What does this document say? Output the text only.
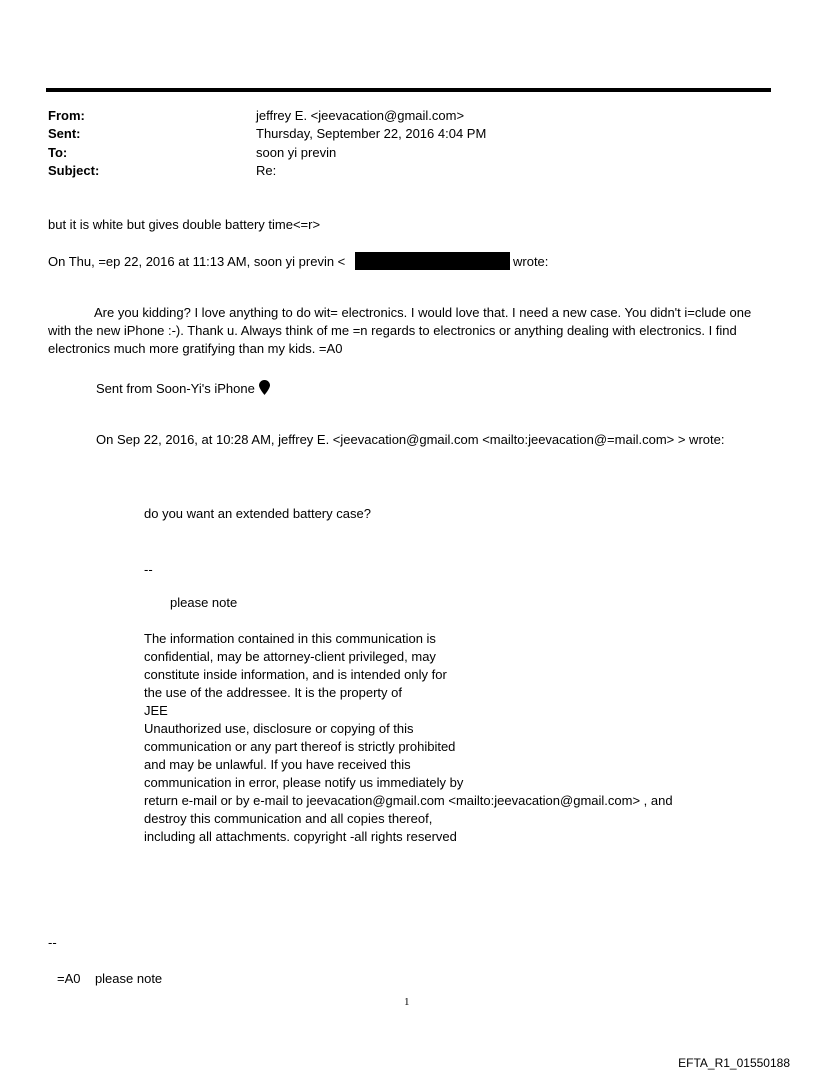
From:	jeffrey E. <jeevacation@gmail.com>
Sent:	Thursday, September 22, 2016 4:04 PM
To:	soon yi previn
Subject:	Re:
but it is white but gives double battery time<=r>
On Thu, =ep 22, 2016 at 11:13 AM, soon yi previn <	wrote:
Are you kidding? I love anything to do wit= electronics. I would love that. I need a new case. You didn't i=clude one with the new iPhone :-). Thank u. Always think of me =n regards to electronics or anything dealing with electronics. I find electronics much more gratifying than my kids. =A0
Sent from Soon-Yi's iPhone
On Sep 22, 2016, at 10:28 AM, jeffrey E. <jeevacation@gmail.com <mailto:jeevacation@=mail.com> > wrote:
do you want an extended battery case?
--
please note
The information contained in this communication is
confidential, may be attorney-client privileged, may
constitute inside information, and is intended only for
the use of the addressee. It is the property of
JEE
Unauthorized use, disclosure or copying of this
communication or any part thereof is strictly prohibited
and may be unlawful. If you have received this
communication in error, please notify us immediately by
return e-mail or by e-mail to jeevacation@gmail.com <mailto:jeevacation@gmail.com> , and
destroy this communication and all copies thereof,
including all attachments. copyright -all rights reserved
--
=A0    please note
1
EFTA_R1_01550188
